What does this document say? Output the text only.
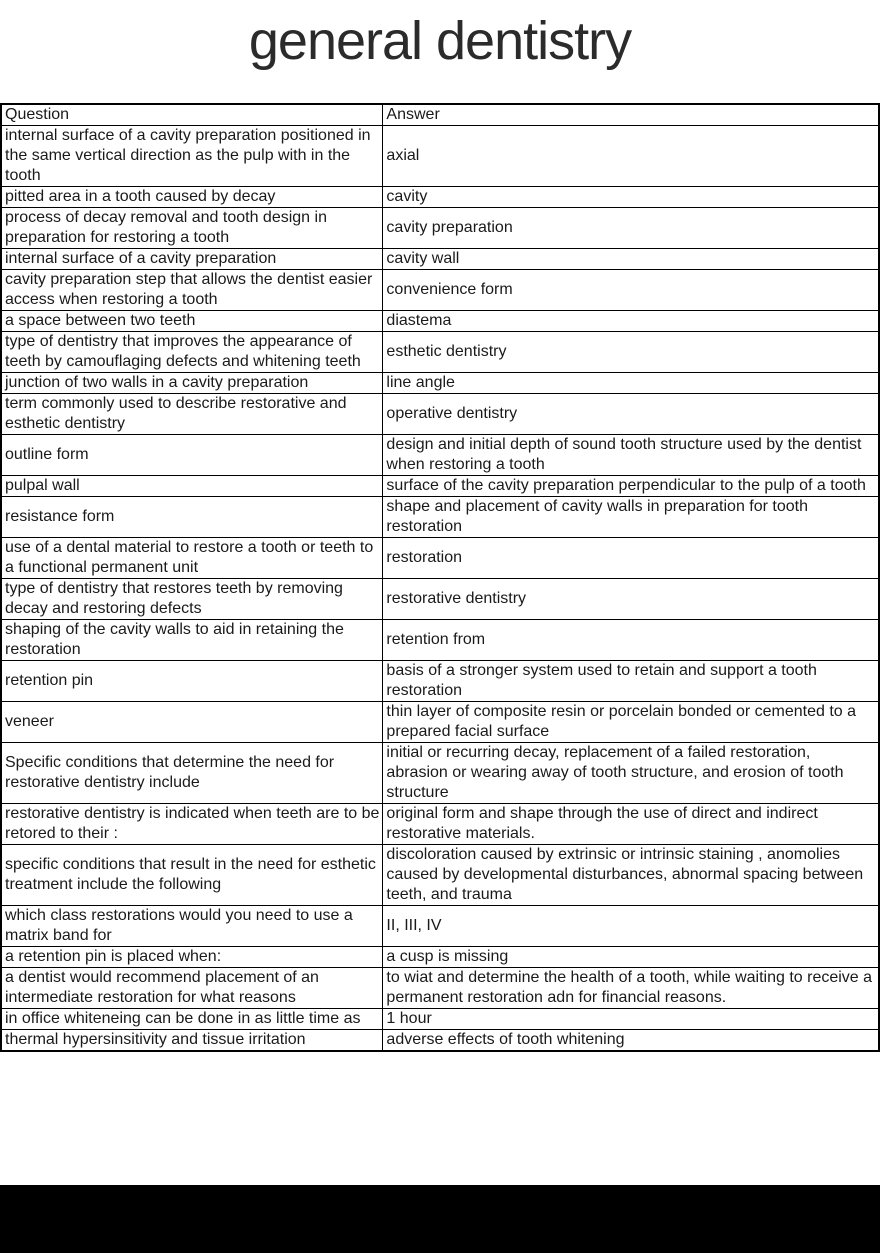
general dentistry
Question	Answer
internal surface of a cavity preparation positioned in the same vertical direction as the pulp with in the tooth	axial
pitted area in a tooth caused by decay	cavity
process of decay removal and tooth design in preparation for restoring a tooth	cavity preparation
internal surface of a cavity preparation	cavity wall
cavity preparation step that allows the dentist easier access when restoring a tooth	convenience form
a space between two teeth	diastema
type of dentistry that improves the appearance of teeth by camouflaging defects and whitening teeth	esthetic dentistry
junction of two walls in a cavity preparation	line angle
term commonly used to describe restorative and esthetic dentistry	operative dentistry
outline form	design and initial depth of sound tooth structure used by the dentist when restoring a tooth
pulpal wall	surface of the cavity preparation perpendicular to the pulp of a tooth
resistance form	shape and placement of cavity walls in preparation for tooth restoration
use of a dental material to restore a tooth or teeth to a functional permanent unit	restoration
type of dentistry that restores teeth by removing decay and restoring defects	restorative dentistry
shaping of the cavity walls to aid in retaining the restoration	retention from
retention pin	basis of a stronger system used to retain and support a tooth restoration
veneer	thin layer of composite resin or porcelain bonded or cemented to a prepared facial surface
Specific conditions that determine the need for restorative dentistry include	initial or recurring decay, replacement of a failed restoration, abrasion or wearing away of tooth structure, and erosion of tooth structure
restorative dentistry is indicated when teeth are to be retored to their :	original form and shape through the use of direct and indirect restorative materials.
specific conditions that result in the need for esthetic treatment include the following	discoloration caused by extrinsic or intrinsic staining , anomolies caused by developmental disturbances, abnormal spacing between teeth, and trauma
which class restorations would you need to use a matrix band for	II, III, IV
a retention pin is placed when:	a cusp is missing
a dentist would recommend placement of an intermediate restoration for what reasons	to wiat and determine the health of a tooth, while waiting to receive a permanent restoration adn for financial reasons.
in office whiteneing can be done in as little time as	1 hour
thermal hypersinsitivity and tissue irritation	adverse effects of tooth whitening
